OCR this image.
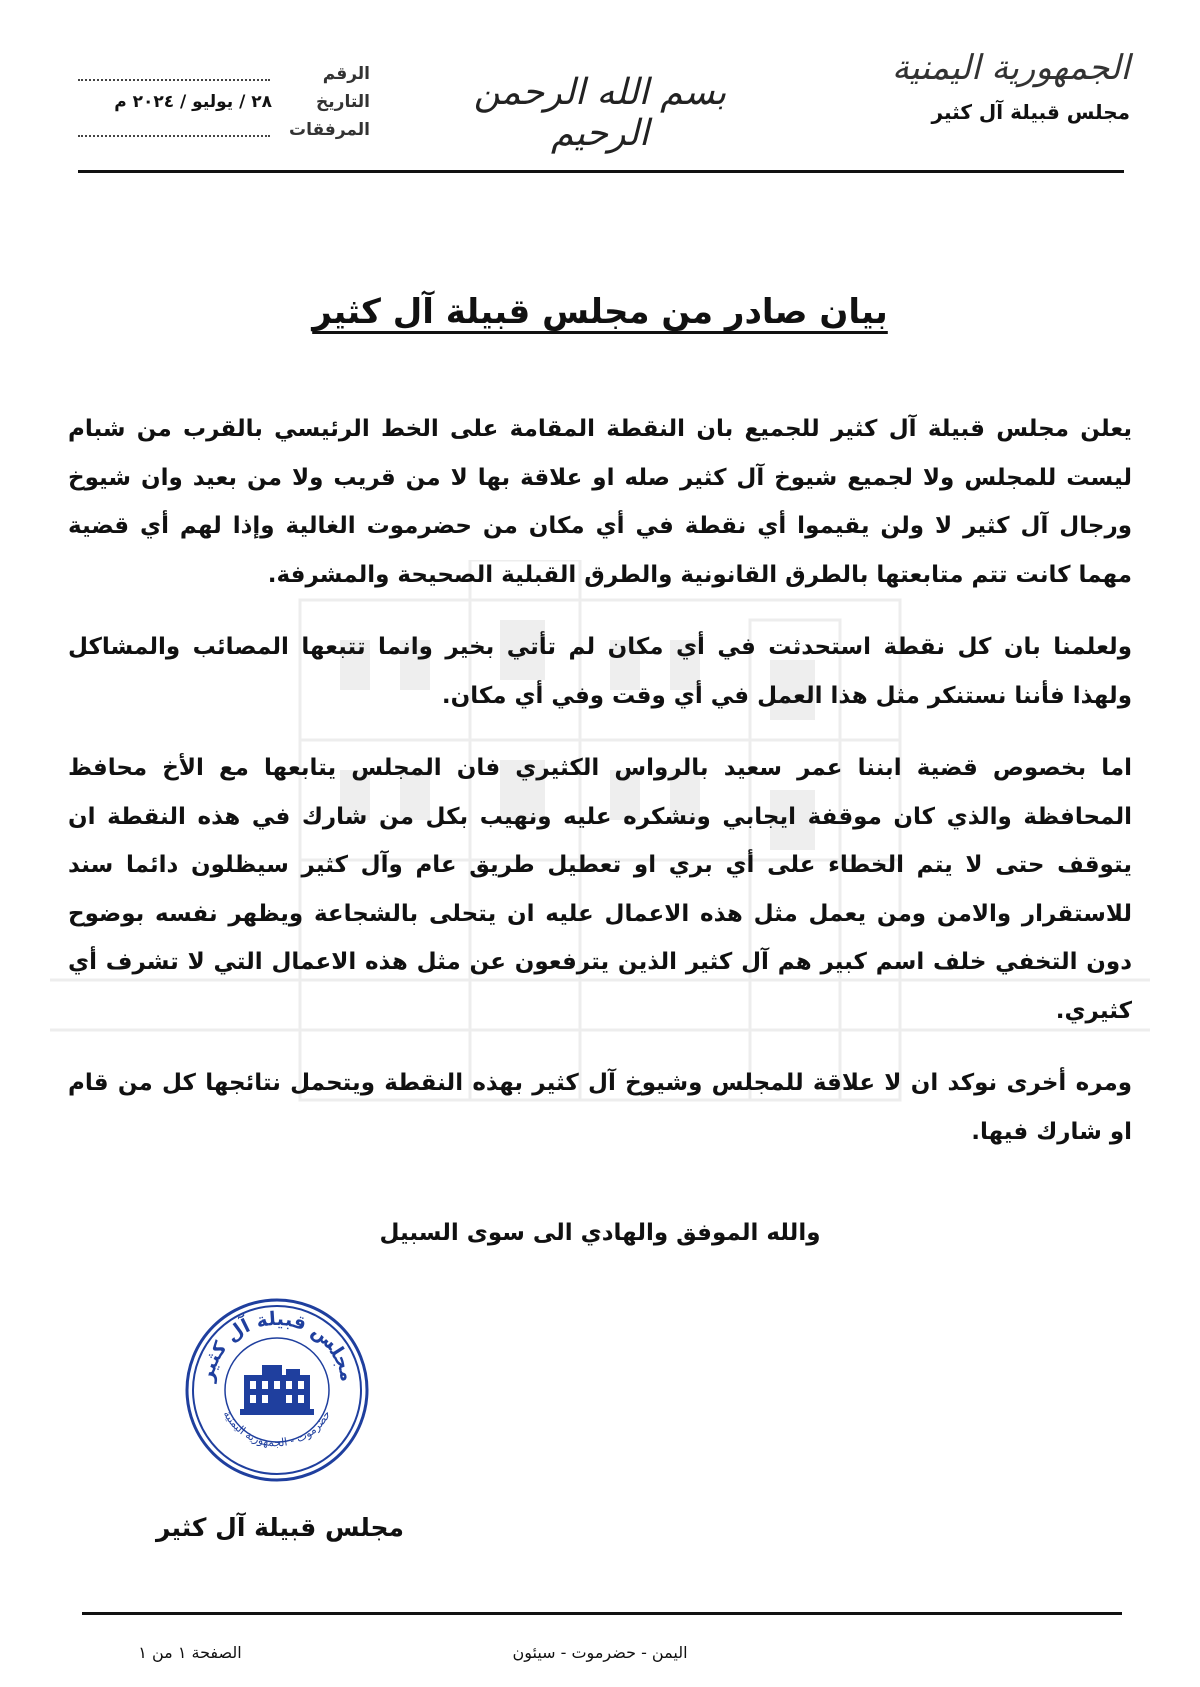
الجمهورية اليمنية
مجلس قبيلة آل كثير
بسم الله الرحمن الرحيم
الرقم
التاريخ
٢٨ / يوليو / ٢٠٢٤ م
المرفقات
بيان صادر من مجلس قبيلة آل كثير

يعلن مجلس قبيلة آل كثير للجميع بان النقطة المقامة على الخط الرئيسي بالقرب من شبام ليست للمجلس ولا لجميع شيوخ آل كثير صله او علاقة بها لا من قريب ولا من بعيد وان شيوخ ورجال آل كثير لا ولن يقيموا أي نقطة في أي مكان من حضرموت الغالية وإذا لهم أي قضية مهما كانت تتم متابعتها بالطرق القانونية والطرق القبلية الصحيحة والمشرفة.

ولعلمنا بان كل نقطة استحدثت في أي مكان لم تأتي بخير وانما تتبعها المصائب والمشاكل ولهذا فأننا نستنكر مثل هذا العمل في أي وقت وفي أي مكان.

اما بخصوص قضية ابننا عمر سعيد بالرواس الكثيري فان المجلس يتابعها مع الأخ محافظ المحافظة والذي كان موقفة ايجابي ونشكره عليه ونهيب بكل من شارك في هذه النقطة ان يتوقف حتى لا يتم الخطاء على أي بري او تعطيل طريق عام وآل كثير سيظلون دائما سند للاستقرار والامن ومن يعمل مثل هذه الاعمال عليه ان يتحلى بالشجاعة ويظهر نفسه بوضوح دون التخفي خلف اسم كبير هم آل كثير الذين يترفعون عن مثل هذه الاعمال التي لا تشرف أي كثيري.

ومره أخرى نوكد ان لا علاقة للمجلس وشيوخ آل كثير بهذه النقطة ويتحمل نتائجها كل من قام او شارك فيها.

والله الموفق والهادي الى سوى السبيل
مجلس قبيلة آل كثير
حضرموت - الجمهورية اليمنية
مجلس قبيلة آل كثير
اليمن - حضرموت - سيئون
الصفحة ١ من ١
